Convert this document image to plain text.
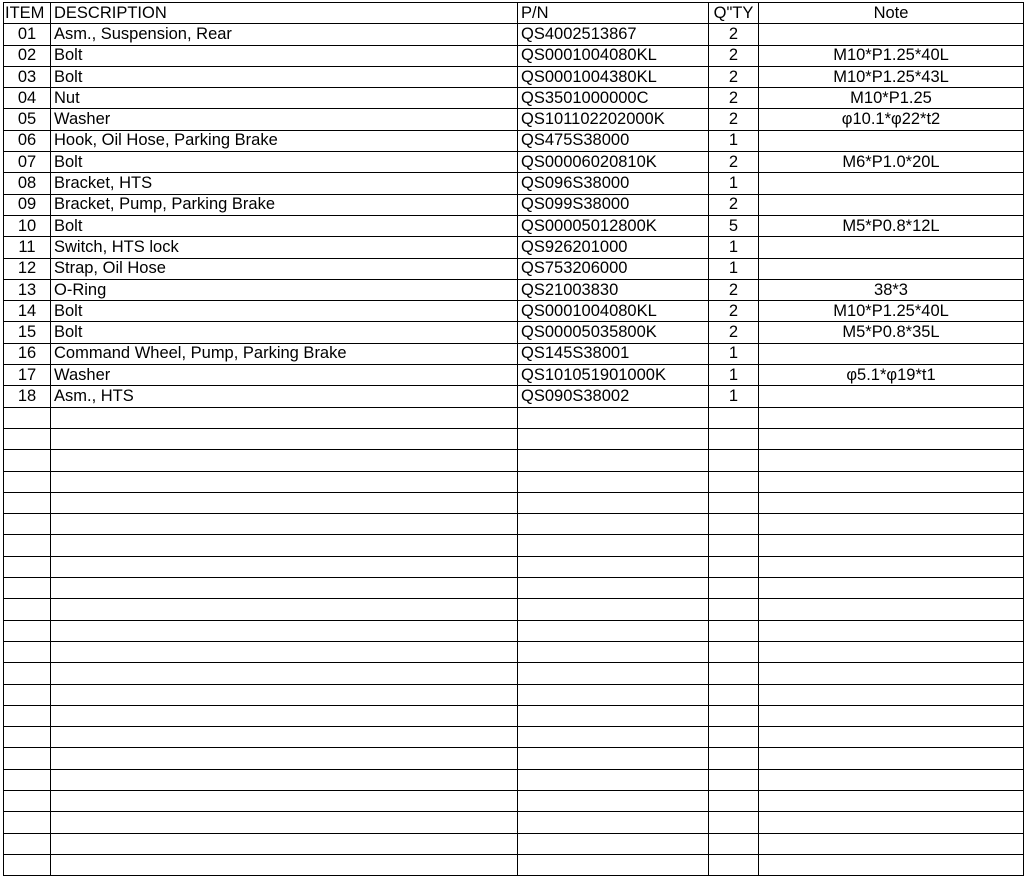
ITEM	DESCRIPTION	P/N	Q"TY	Note
01	Asm., Suspension, Rear	QS4002513867	2	
02	Bolt	QS0001004080KL	2	M10*P1.25*40L
03	Bolt	QS0001004380KL	2	M10*P1.25*43L
04	Nut	QS3501000000C	2	M10*P1.25
05	Washer	QS101102202000K	2	φ10.1*φ22*t2
06	Hook, Oil Hose, Parking Brake	QS475S38000	1	
07	Bolt	QS00006020810K	2	M6*P1.0*20L
08	Bracket, HTS	QS096S38000	1	
09	Bracket, Pump, Parking Brake	QS099S38000	2	
10	Bolt	QS00005012800K	5	M5*P0.8*12L
11	Switch, HTS lock	QS926201000	1	
12	Strap, Oil Hose	QS753206000	1	
13	O-Ring	QS21003830	2	38*3
14	Bolt	QS0001004080KL	2	M10*P1.25*40L
15	Bolt	QS00005035800K	2	M5*P0.8*35L
16	Command Wheel, Pump, Parking Brake	QS145S38001	1	
17	Washer	QS101051901000K	1	φ5.1*φ19*t1
18	Asm., HTS	QS090S38002	1	
